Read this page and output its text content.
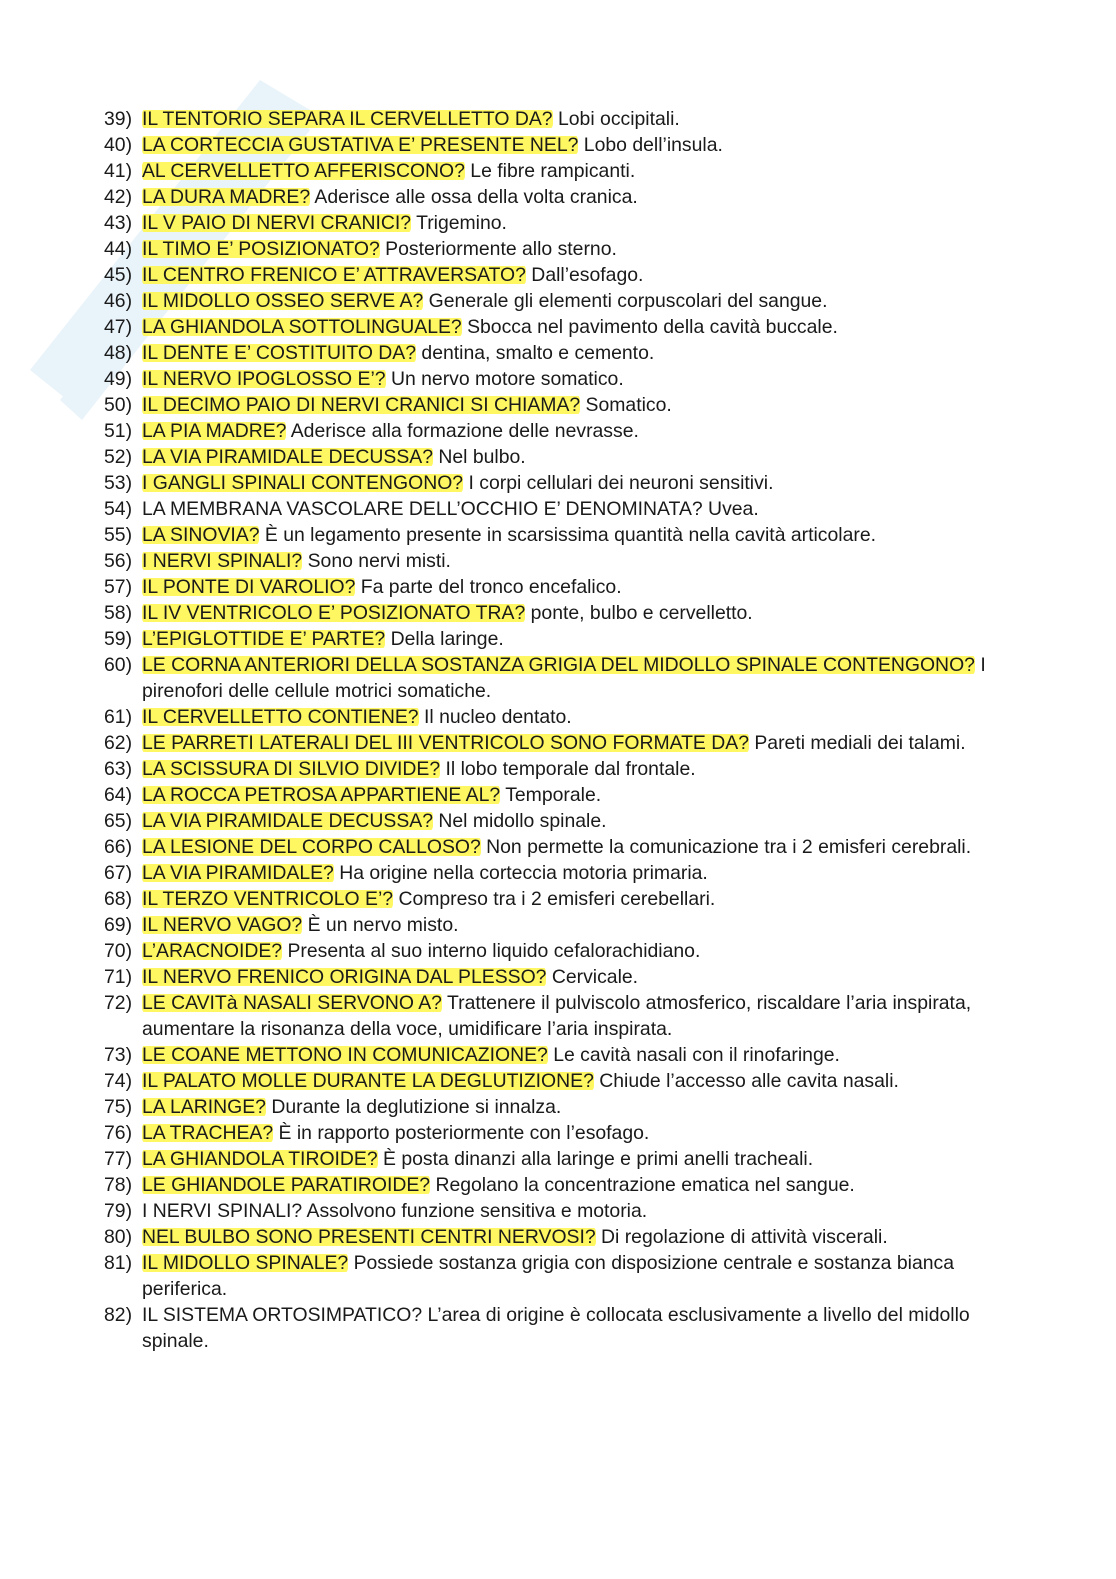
39) IL TENTORIO SEPARA IL CERVELLETTO DA? Lobi occipitali.
40) LA CORTECCIA GUSTATIVA E’ PRESENTE NEL? Lobo dell’insula.
41) AL CERVELLETTO AFFERISCONO? Le fibre rampicanti.
42) LA DURA MADRE? Aderisce alle ossa della volta cranica.
43) IL V PAIO DI NERVI CRANICI? Trigemino.
44) IL TIMO E’ POSIZIONATO? Posteriormente allo sterno.
45) IL CENTRO FRENICO E’ ATTRAVERSATO? Dall’esofago.
46) IL MIDOLLO OSSEO SERVE A? Generale gli elementi corpuscolari del sangue.
47) LA GHIANDOLA SOTTOLINGUALE? Sbocca nel pavimento della cavità buccale.
48) IL DENTE E’ COSTITUITO DA? dentina, smalto e cemento.
49) IL NERVO IPOGLOSSO E’? Un nervo motore somatico.
50) IL DECIMO PAIO DI NERVI CRANICI SI CHIAMA? Somatico.
51) LA PIA MADRE? Aderisce alla formazione delle nevrasse.
52) LA VIA PIRAMIDALE DECUSSA? Nel bulbo.
53) I GANGLI SPINALI CONTENGONO? I corpi cellulari dei neuroni sensitivi.
54) LA MEMBRANA VASCOLARE DELL’OCCHIO E’ DENOMINATA? Uvea.
55) LA SINOVIA? È un legamento presente in scarsissima quantità nella cavità articolare.
56) I NERVI SPINALI? Sono nervi misti.
57) IL PONTE DI VAROLIO? Fa parte del tronco encefalico.
58) IL IV VENTRICOLO E’ POSIZIONATO TRA? ponte, bulbo e cervelletto.
59) L’EPIGLOTTIDE E’ PARTE? Della laringe.
60) LE CORNA ANTERIORI DELLA SOSTANZA GRIGIA DEL MIDOLLO SPINALE CONTENGONO? I pirenofori delle cellule motrici somatiche.
61) IL CERVELLETTO CONTIENE? Il nucleo dentato.
62) LE PARRETI LATERALI DEL III VENTRICOLO SONO FORMATE DA? Pareti mediali dei talami.
63) LA SCISSURA DI SILVIO DIVIDE? Il lobo temporale dal frontale.
64) LA ROCCA PETROSA APPARTIENE AL? Temporale.
65) LA VIA PIRAMIDALE DECUSSA? Nel midollo spinale.
66) LA LESIONE DEL CORPO CALLOSO? Non permette la comunicazione tra i 2 emisferi cerebrali.
67) LA VIA PIRAMIDALE? Ha origine nella corteccia motoria primaria.
68) IL TERZO VENTRICOLO E’? Compreso tra i 2 emisferi cerebellari.
69) IL NERVO VAGO? È un nervo misto.
70) L’ARACNOIDE? Presenta al suo interno liquido cefalorachidiano.
71) IL NERVO FRENICO ORIGINA DAL PLESSO? Cervicale.
72) LE CAVITà NASALI SERVONO A? Trattenere il pulviscolo atmosferico, riscaldare l’aria inspirata, aumentare la risonanza della voce, umidificare l’aria inspirata.
73) LE COANE METTONO IN COMUNICAZIONE? Le cavità nasali con il rinofaringe.
74) IL PALATO MOLLE DURANTE LA DEGLUTIZIONE? Chiude l’accesso alle cavita nasali.
75) LA LARINGE? Durante la deglutizione si innalza.
76) LA TRACHEA? È in rapporto posteriormente con l’esofago.
77) LA GHIANDOLA TIROIDE? È posta dinanzi alla laringe e primi anelli tracheali.
78) LE GHIANDOLE PARATIROIDE? Regolano la concentrazione ematica nel sangue.
79) I NERVI SPINALI? Assolvono funzione sensitiva e motoria.
80) NEL BULBO SONO PRESENTI CENTRI NERVOSI? Di regolazione di attività viscerali.
81) IL MIDOLLO SPINALE? Possiede sostanza grigia con disposizione centrale e sostanza bianca periferica.
82) IL SISTEMA ORTOSIMPATICO? L’area di origine è collocata esclusivamente a livello del midollo spinale.
